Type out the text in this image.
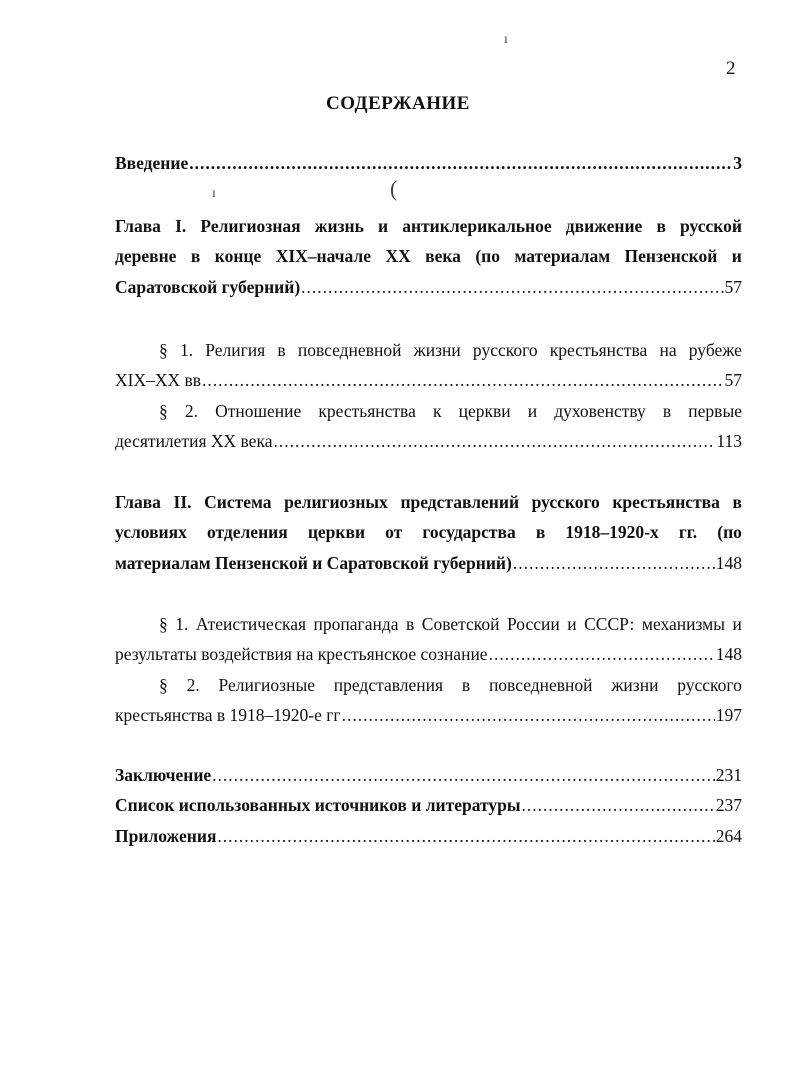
ı
ı	(
2
СОДЕРЖАНИЕ
Введение .....	3
Глава I. Религиозная жизнь и антиклерикальное движение в русской
деревне в конце XIX–начале XX века (по материалам Пензенской и
Саратовской губерний) .....	57
§ 1. Религия в повседневной жизни русского крестьянства на рубеже
XIX–XX вв .....	57
§ 2. Отношение крестьянства к церкви и духовенству в первые
десятилетия XX века .....	113
Глава II. Система религиозных представлений русского крестьянства в
условиях отделения церкви от государства в 1918–1920-х гг. (по
материалам Пензенской и Саратовской губерний) .....	148
§ 1. Атеистическая пропаганда в Советской России и СССР: механизмы и
результаты воздействия на крестьянское сознание .....	148
§ 2. Религиозные представления в повседневной жизни русского
крестьянства в 1918–1920-е гг .....	197
Заключение .....	231
Список использованных источников и литературы .....	237
Приложения .....	264
